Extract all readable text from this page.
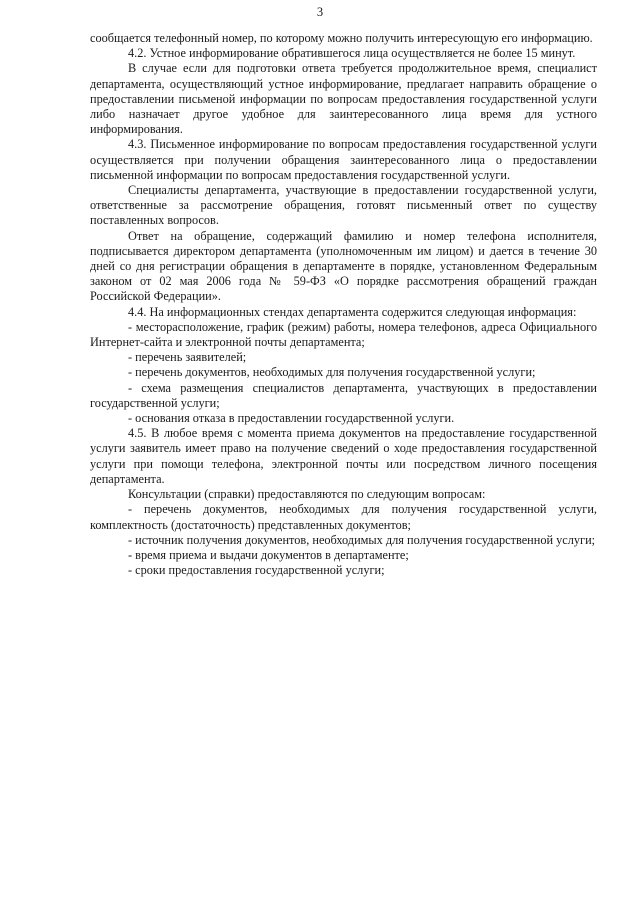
3

сообщается телефонный номер, по которому можно получить интересующую его информацию.

4.2. Устное информирование обратившегося лица осуществляется не более 15 минут.

В случае если для подготовки ответа требуется продолжительное время, специалист департамента, осуществляющий устное информирование, предлагает направить обращение о предоставлении письменой информации по вопросам предоставления государственной услуги либо назначает другое удобное для заинтересованного лица время для устного информирования.

4.3. Письменное информирование по вопросам предоставления государственной услуги осуществляется при получении обращения заинтересованного лица о предоставлении письменной информации по вопросам предоставления государственной услуги.

Специалисты департамента, участвующие в предоставлении государственной услуги, ответственные за рассмотрение обращения, готовят письменный ответ по существу поставленных вопросов.

Ответ на обращение, содержащий фамилию и номер телефона исполнителя, подписывается директором департамента (уполномоченным им лицом) и дается в течение 30 дней со дня регистрации обращения в департаменте в порядке, установленном Федеральным законом от 02 мая 2006 года № 59-ФЗ «О порядке рассмотрения обращений граждан Российской Федерации».

4.4. На информационных стендах департамента содержится следующая информация:

- месторасположение, график (режим) работы, номера телефонов, адреса Официального Интернет-сайта и электронной почты департамента;

- перечень заявителей;

- перечень документов, необходимых для получения государственной услуги;

- схема размещения специалистов департамента, участвующих в предоставлении государственной услуги;

- основания отказа в предоставлении государственной услуги.

4.5. В любое время с момента приема документов на предоставление государственной услуги заявитель имеет право на получение сведений о ходе предоставления государственной услуги при помощи телефона, электронной почты или посредством личного посещения департамента.

Консультации (справки) предоставляются по следующим вопросам:

- перечень документов, необходимых для получения государственной услуги, комплектность (достаточность) представленных документов;

- источник получения документов, необходимых для получения государственной услуги;

- время приема и выдачи документов в департаменте;

- сроки предоставления государственной услуги;
